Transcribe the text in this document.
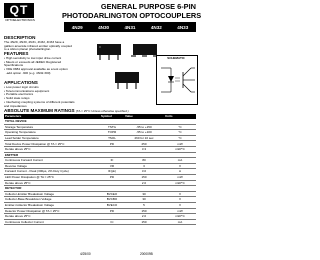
QT
OPTOELECTRONICS
GENERAL PURPOSE 6-PIN
PHOTODARLINGTON OPTOCOUPLERS
4N29	4N30	4N31	4N32	4N33
DESCRIPTION
The 4N29, 4N30, 4N31, 4N32, 4N33 have a gallium arsenide infrared emitter optically coupled to a silicon planar photodarlington.
FEATURES
• High sensitivity to low input drive current
• Meets or exceeds all JEDEC Registered Specifications
• VDE 0884 approval available as a test option
-add option .300 (e.g. 4N32.300)
APPLICATIONS
• Low power logic circuits
• Telecommunications equipment
• Portable electronics
• Solid state relays
• Interfacing coupling systems of different potentials and impedances
SCHEMATIC
ABSOLUTE MAXIMUM RATINGS (TA = 25°C Unless otherwise specified.)
Parameters	Symbol	Value	Units
TOTAL DEVICE			
Storage Temperature	TSTG	-55 to +150	°C
Operating Temperature	TOPR	-55 to +100	°C
Lead Solder Temperature	TSOL	260 for 10 sec	°C
Total Device Power Dissipation @ TA = 25°C	PD	250	mW
Derate above 25°C		3.3	mW/°C
EMITTER			
Continuous Forward Current	IF	80	mA
Reverse Voltage	VR	3	V
Forward Current - Peak (300µs, 2% Duty Cycle)	IF(pk)	3.0	A
LED Power Dissipation @ TA = 25°C	PD	150	mW
Derate above 25°C		2.0	mW/°C
DETECTOR			
Collector-Emitter Breakdown Voltage	BVCEO	30	V
Collector-Base Breakdown Voltage	BVCBO	30	V
Emitter-Collector Breakdown Voltage	BVECO	5	V
Detector Power Dissipation @ TA = 25°C	PD	150	mW
Derate above 25°C		2.0	mW/°C
Continuous Collector Current	IC	150	mA
4/25/00	200009B
